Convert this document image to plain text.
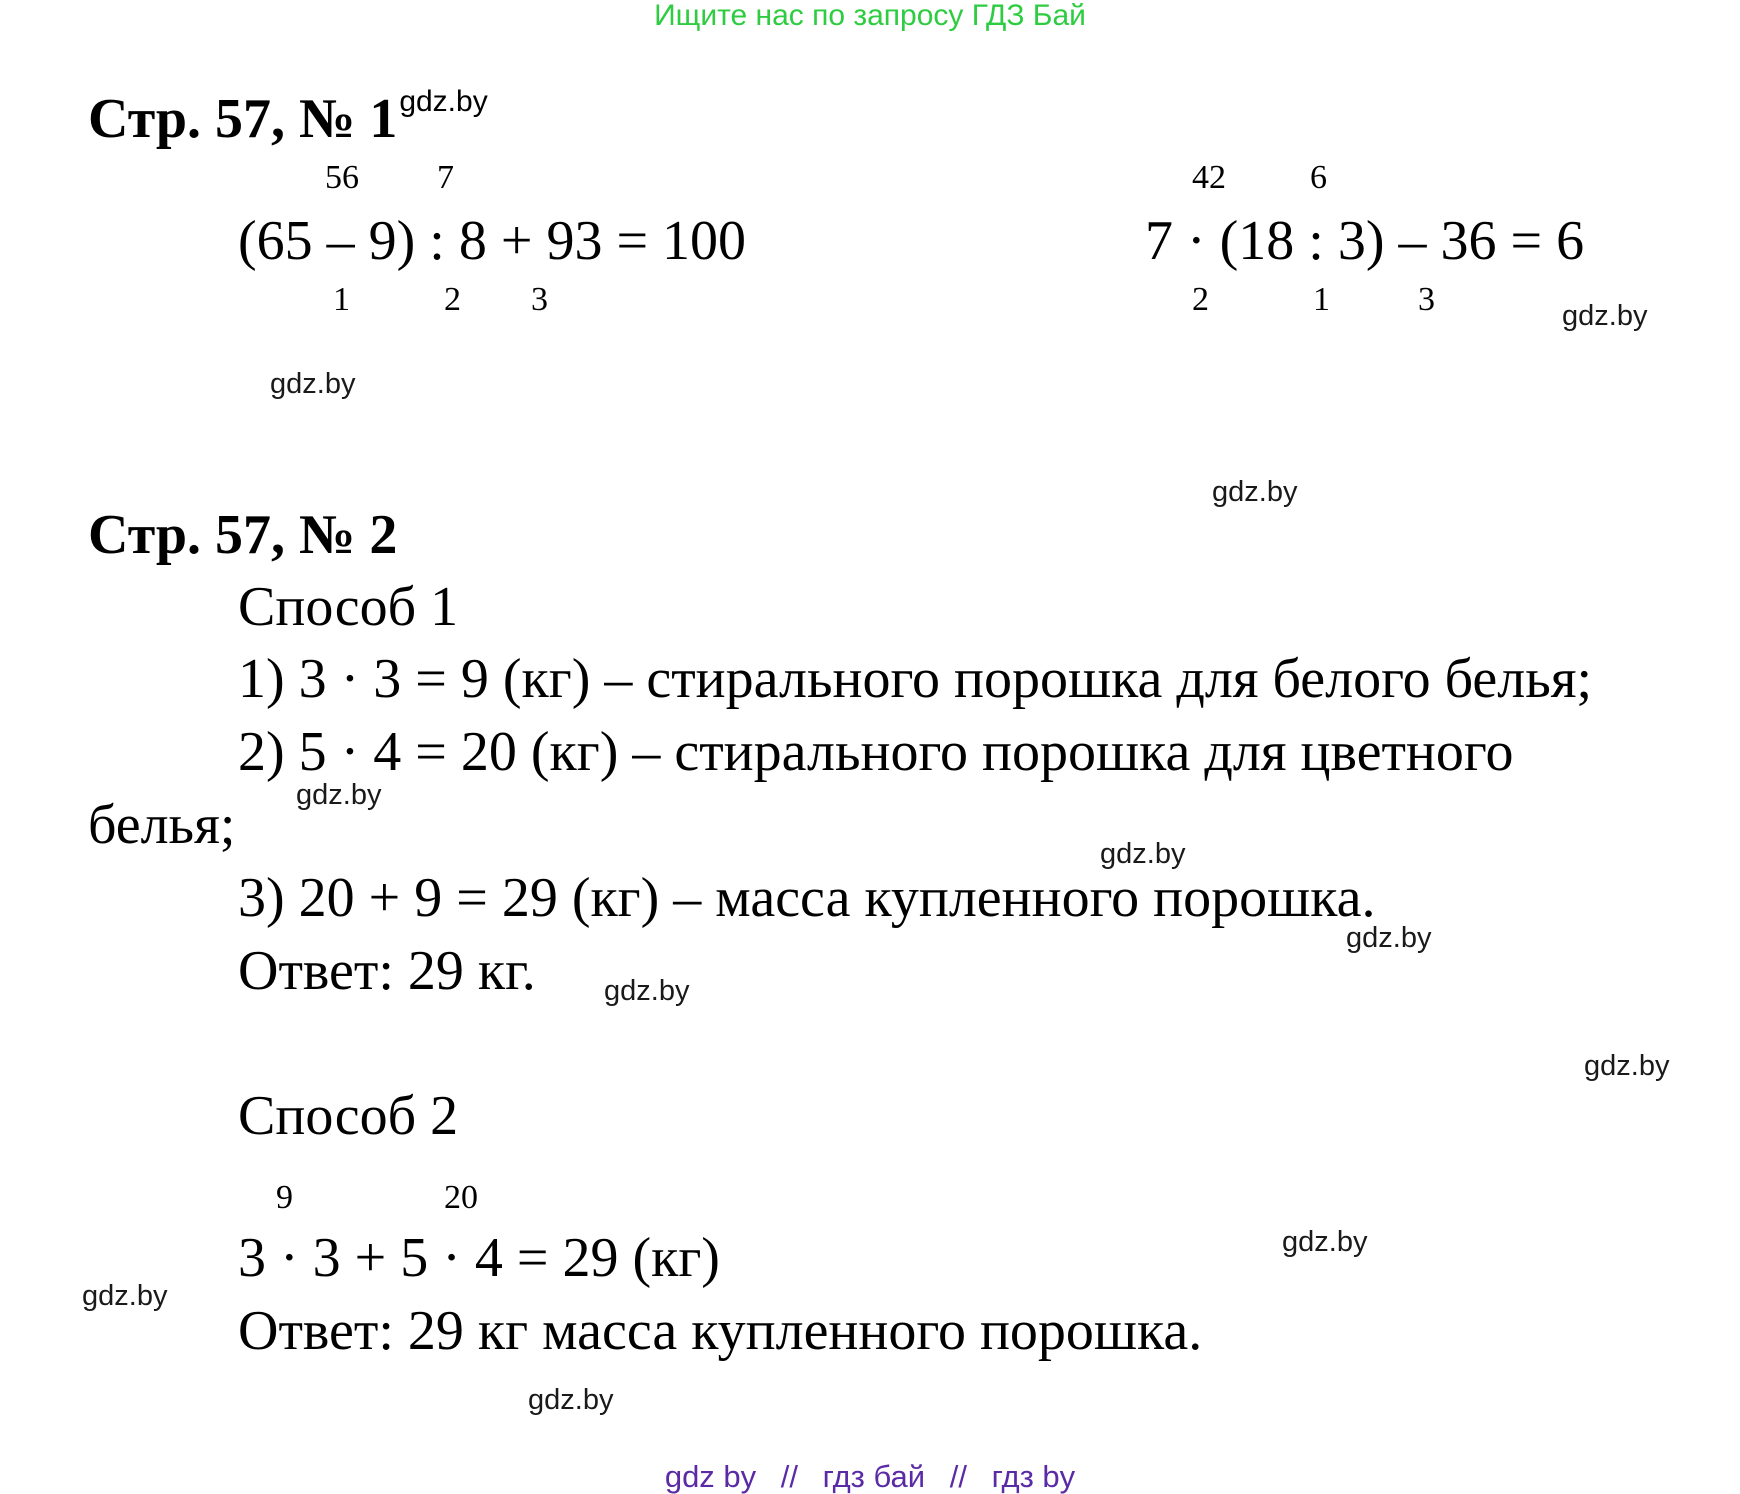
Ищите нас по запросу ГДЗ Бай
Стр. 57, № $1^{gdz.by}$
56 7
(65 – 9) : 8 + 93 = 100
1	2 3
42 6
7 · (18 : 3) – 36 = 6
2	1	3
Стр. 57, № 2
Способ 1
1) 3 · 3 = 9 (кг) – стирального порошка для белого белья;
2) 5 · 4 = 20 (кг) – стирального порошка для цветного
белья;
3) 20 + 9 = 29 (кг) – масса купленного порошка.
Ответ: 29 кг.
Способ 2
9	20
3 · 3 + 5 · 4 = 29 (кг)
Ответ: 29 кг масса купленного порошка.
gdz.by
gdz.by
gdz.by
gdz.by
gdz.by
gdz.by
gdz.by
gdz.by
gdz.by
gdz.by
gdz.by
gdz by // гдз бай // гдз by
